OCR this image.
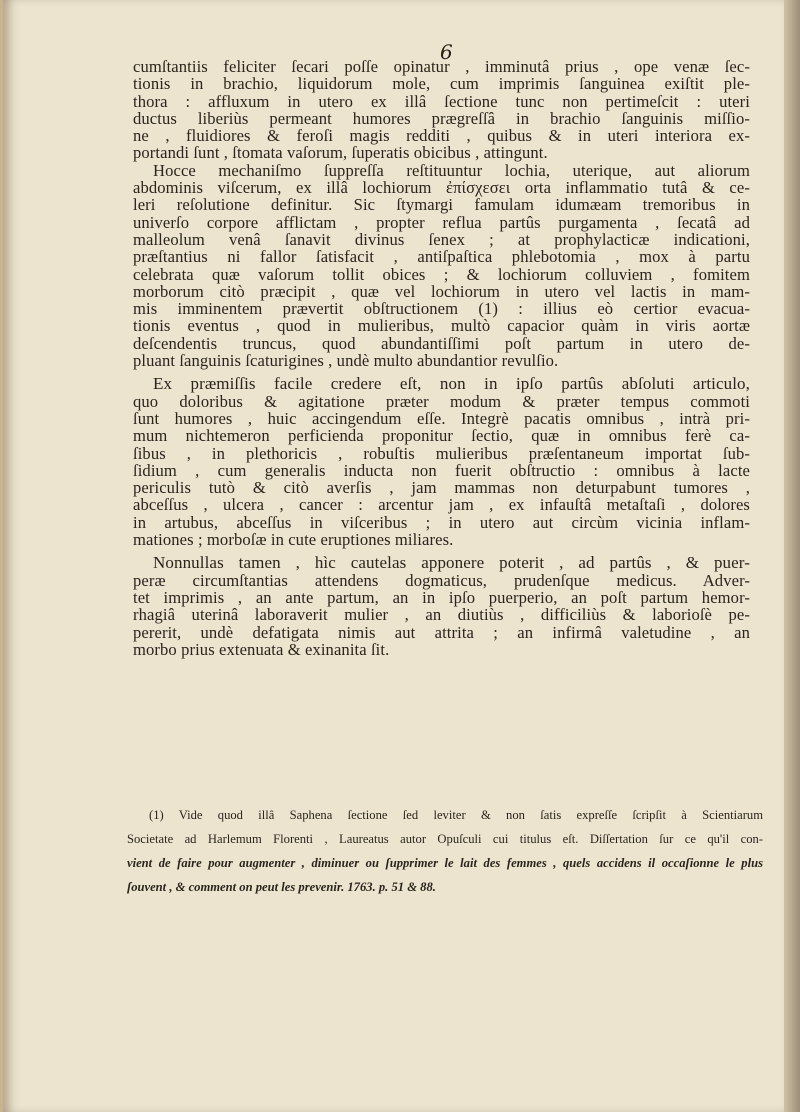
6
cumſtantiis feliciter ſecari poſſe opinatur , imminutâ prius , ope venæ ſec-
tionis in brachio, liquidorum mole, cum imprimis ſanguinea exiſtit ple-
thora : affluxum in utero ex illâ ſectione tunc non pertimeſcit : uteri
ductus liberiùs permeant humores prægreſſâ in brachio ſanguinis miſſio-
ne , fluidiores & feroſi magis redditi , quibus & in uteri interiora ex-
portandi ſunt , ſtomata vaſorum, ſuperatis obicibus , attingunt.
Hocce mechaniſmo ſuppreſſa reſtituuntur lochia, uterique, aut aliorum
abdominis viſcerum, ex illâ lochiorum ἐπίσχεσει orta inflammatio tutâ & ce-
leri reſolutione definitur. Sic ſtymargi famulam idumæam tremoribus in
univerſo corpore afflictam , propter reflua partûs purgamenta , ſecatâ ad
malleolum venâ ſanavit divinus ſenex ; at prophylacticæ indicationi,
præſtantius ni fallor ſatisfacit , antiſpaſtica phlebotomia , mox à partu
celebrata quæ vaſorum tollit obices ; & lochiorum colluviem , fomitem
morborum citò præcipit , quæ vel lochiorum in utero vel lactis in mam-
mis imminentem prævertit obſtructionem (1) : illius eò certior evacua-
tionis eventus , quod in mulieribus, multò capacior quàm in viris aortæ
deſcendentis truncus, quod abundantiſſimi poſt partum in utero de-
pluant ſanguinis ſcaturigines , undè multo abundantior revulſio.
Ex præmiſſis facile credere eſt, non in ipſo partûs abſoluti articulo,
quo doloribus & agitatione præter modum & præter tempus commoti
ſunt humores , huic accingendum eſſe. Integrè pacatis omnibus , intrà pri-
mum nichtemeron perficienda proponitur ſectio, quæ in omnibus ferè ca-
ſibus , in plethoricis , robuſtis mulieribus præſentaneum importat ſub-
ſidium , cum generalis inducta non fuerit obſtructio : omnibus à lacte
periculis tutò & citò averſis , jam mammas non deturpabunt tumores ,
abceſſus , ulcera , cancer : arcentur jam , ex infauſtâ metaſtaſi , dolores
in artubus, abceſſus in viſceribus ; in utero aut circùm vicinia inflam-
mationes ; morboſæ in cute eruptiones miliares.
Nonnullas tamen , hìc cautelas apponere poterit , ad partûs , & puer-
peræ circumſtantias attendens dogmaticus, prudenſque medicus. Adver-
tet imprimis , an ante partum, an in ipſo puerperio, an poſt partum hemor-
rhagiâ uterinâ laboraverit mulier , an diutiùs , difficiliùs & laborioſè pe-
pererit, undè defatigata nimis aut attrita ; an infirmâ valetudine , an
morbo prius extenuata & exinanita ſit.
(1) Vide quod illâ Saphena ſectione ſed leviter & non ſatis expreſſe ſcripſit à Scientiarum
Societate ad Harlemum Florenti , Laureatus autor Opuſculi cui titulus eſt. Diſſertation ſur ce qu'il con-
vient de faire pour augmenter , diminuer ou ſupprimer le lait des femmes , quels accidens il occaſionne le plus
ſouvent , & comment on peut les prevenir. 1763. p. 51 & 88.
